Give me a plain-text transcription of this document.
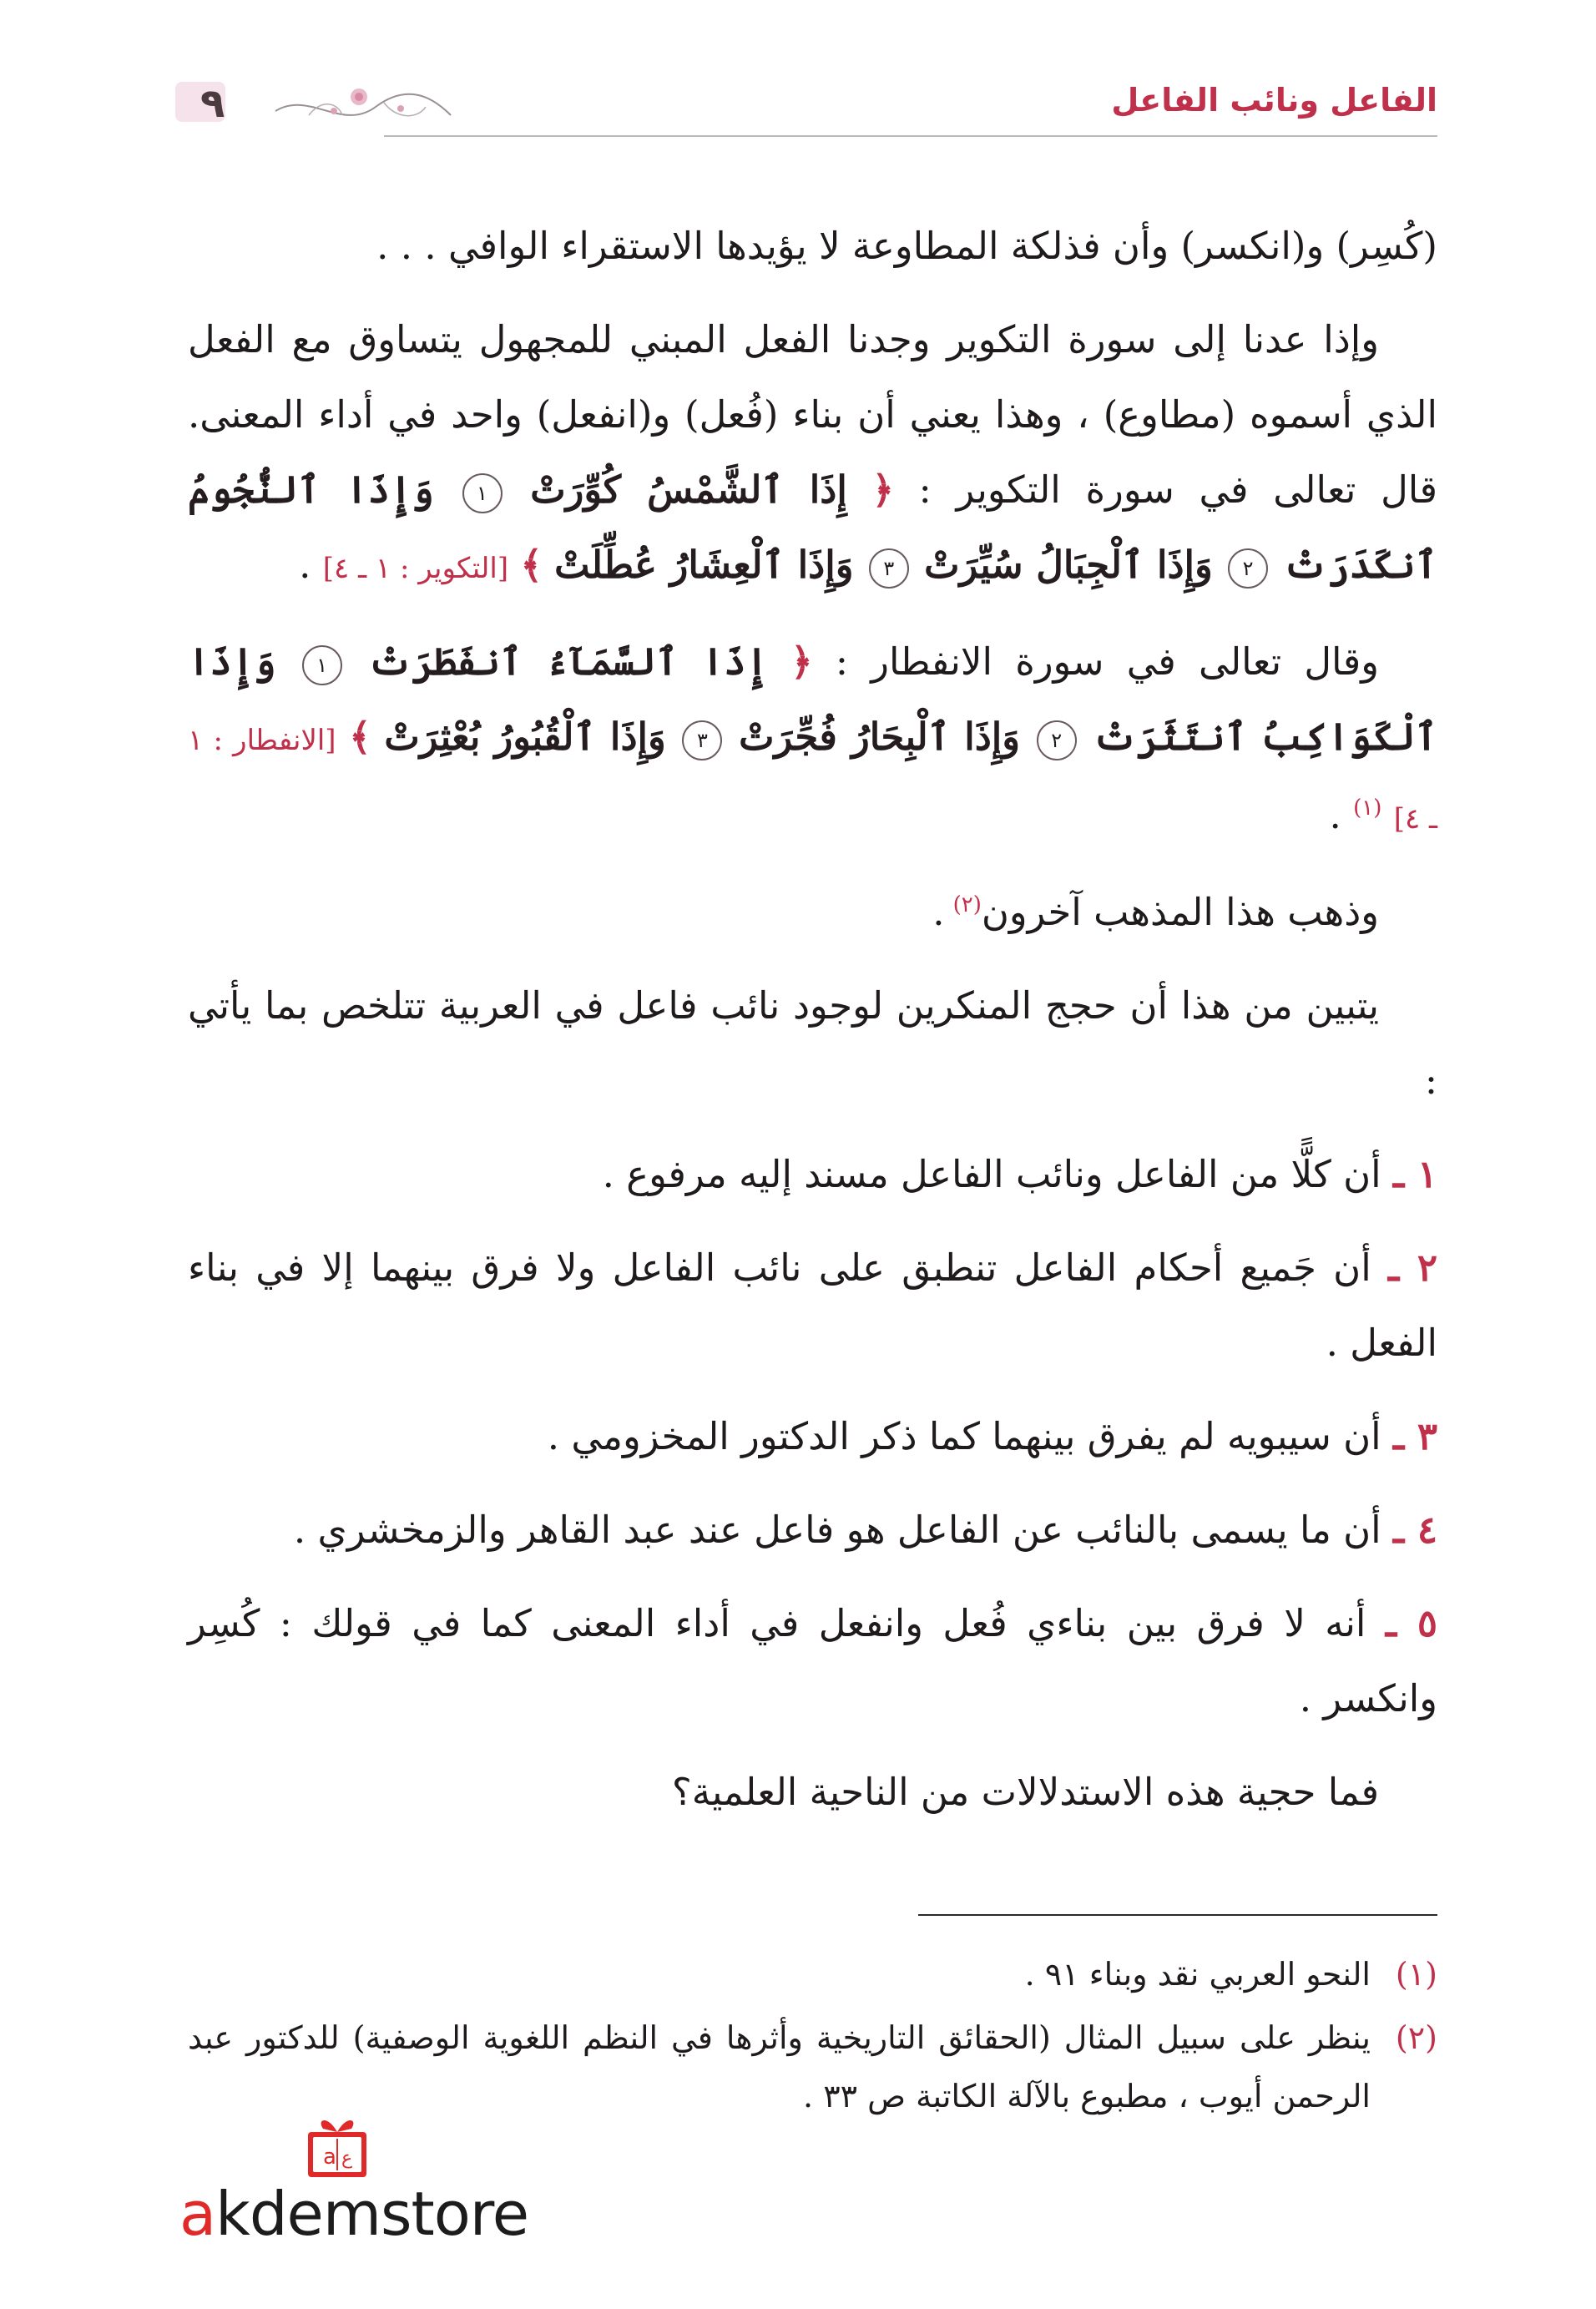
الفاعل ونائب الفاعل
٩

(كُسِر) و(انكسر) وأن فذلكة المطاوعة لا يؤيدها الاستقراء الوافي . . .

وإذا عدنا إلى سورة التكوير وجدنا الفعل المبني للمجهول يتساوق مع الفعل الذي أسموه (مطاوع) ، وهذا يعني أن بناء (فُعل) و(انفعل) واحد في أداء المعنى. قال تعالى في سورة التكوير : ﴿ إِذَا ٱلشَّمْسُ كُوِّرَتْ ١ وَإِذَا ٱلنُّجُومُ ٱنكَدَرَتْ ٢ وَإِذَا ٱلْجِبَالُ سُيِّرَتْ ٣ وَإِذَا ٱلْعِشَارُ عُطِّلَتْ ﴾ [التكوير : ١ ـ ٤] .

وقال تعالى في سورة الانفطار : ﴿ إِذَا ٱلسَّمَآءُ ٱنفَطَرَتْ ١ وَإِذَا ٱلْكَوَاكِبُ ٱنتَثَرَتْ ٢ وَإِذَا ٱلْبِحَارُ فُجِّرَتْ ٣ وَإِذَا ٱلْقُبُورُ بُعْثِرَتْ ﴾ [الانفطار : ١ ـ ٤] $^{(١)}$ .

وذهب هذا المذهب آخرون$^{(٢)}$.

يتبين من هذا أن حجج المنكرين لوجود نائب فاعل في العربية تتلخص بما يأتي :

١ ـ أن كلًّا من الفاعل ونائب الفاعل مسند إليه مرفوع .

٢ ـ أن جَميع أحكام الفاعل تنطبق على نائب الفاعل ولا فرق بينهما إلا في بناء الفعل .

٣ ـ أن سيبويه لم يفرق بينهما كما ذكر الدكتور المخزومي .

٤ ـ أن ما يسمى بالنائب عن الفاعل هو فاعل عند عبد القاهر والزمخشري .

٥ ـ أنه لا فرق بين بناءي فُعل وانفعل في أداء المعنى كما في قولك : كُسِر وانكسر .

فما حجية هذه الاستدلالات من الناحية العلمية؟

(١)
النحو العربي نقد وبناء ٩١ .
(٢)
ينظر على سبيل المثال (الحقائق التاريخية وأثرها في النظم اللغوية الوصفية) للدكتور عبد الرحمن أيوب ، مطبوع بالآلة الكاتبة ص ٣٣ .
a ع
akdemstore
